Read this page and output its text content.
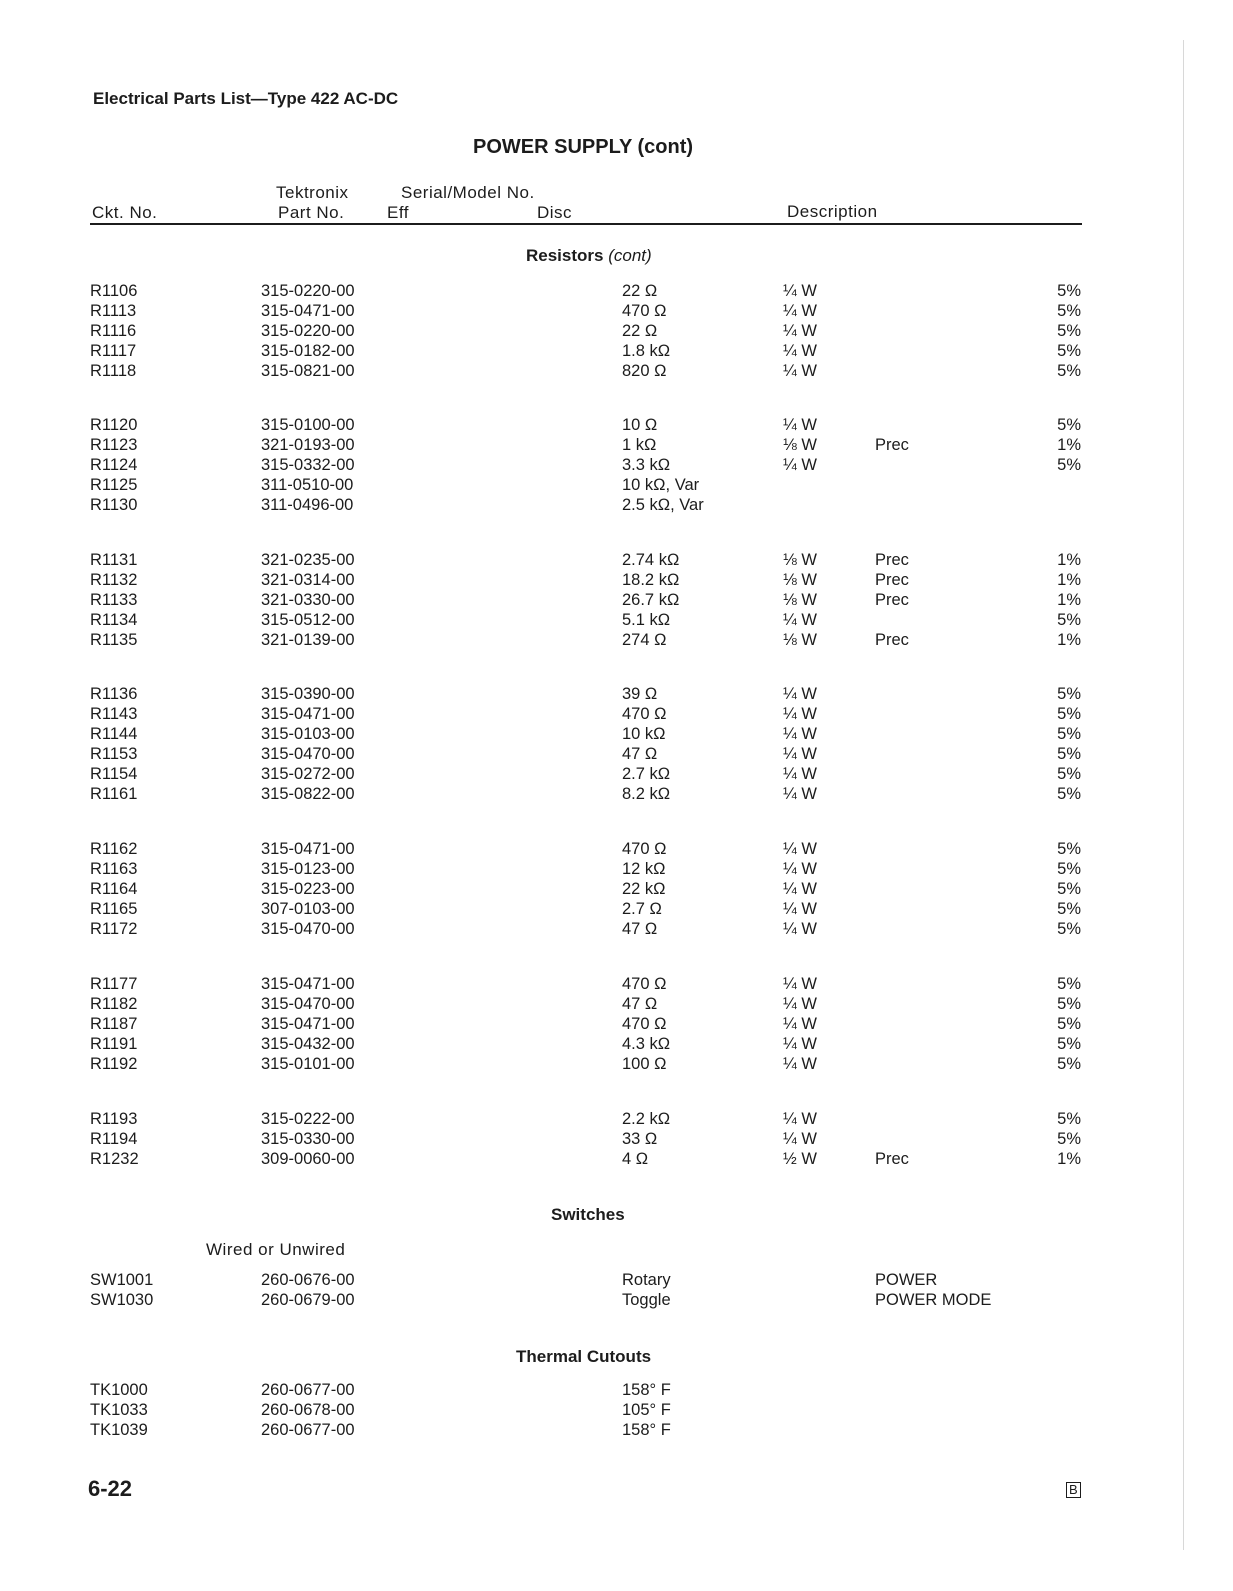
Electrical Parts List—Type 422 AC-DC
POWER SUPPLY (cont)
Tektronix	Serial/Model No.
Ckt. No.	Part No.	Eff	Disc	Description
Resistors (cont)
R1106	315-0220-00	22 Ω	¼ W	5%
R1113	315-0471-00	470 Ω	¼ W	5%
R1116	315-0220-00	22 Ω	¼ W	5%
R1117	315-0182-00	1.8 kΩ	¼ W	5%
R1118	315-0821-00	820 Ω	¼ W	5%
R1120	315-0100-00	10 Ω	¼ W	5%
R1123	321-0193-00	1 kΩ	⅛ W	Prec	1%
R1124	315-0332-00	3.3 kΩ	¼ W	5%
R1125	311-0510-00	10 kΩ, Var
R1130	311-0496-00	2.5 kΩ, Var
R1131	321-0235-00	2.74 kΩ	⅛ W	Prec	1%
R1132	321-0314-00	18.2 kΩ	⅛ W	Prec	1%
R1133	321-0330-00	26.7 kΩ	⅛ W	Prec	1%
R1134	315-0512-00	5.1 kΩ	¼ W	5%
R1135	321-0139-00	274 Ω	⅛ W	Prec	1%
R1136	315-0390-00	39 Ω	¼ W	5%
R1143	315-0471-00	470 Ω	¼ W	5%
R1144	315-0103-00	10 kΩ	¼ W	5%
R1153	315-0470-00	47 Ω	¼ W	5%
R1154	315-0272-00	2.7 kΩ	¼ W	5%
R1161	315-0822-00	8.2 kΩ	¼ W	5%
R1162	315-0471-00	470 Ω	¼ W	5%
R1163	315-0123-00	12 kΩ	¼ W	5%
R1164	315-0223-00	22 kΩ	¼ W	5%
R1165	307-0103-00	2.7 Ω	¼ W	5%
R1172	315-0470-00	47 Ω	¼ W	5%
R1177	315-0471-00	470 Ω	¼ W	5%
R1182	315-0470-00	47 Ω	¼ W	5%
R1187	315-0471-00	470 Ω	¼ W	5%
R1191	315-0432-00	4.3 kΩ	¼ W	5%
R1192	315-0101-00	100 Ω	¼ W	5%
R1193	315-0222-00	2.2 kΩ	¼ W	5%
R1194	315-0330-00	33 Ω	¼ W	5%
R1232	309-0060-00	4 Ω	½ W	Prec	1%
Switches
Wired or Unwired
SW1001	260-0676-00	Rotary	POWER
SW1030	260-0679-00	Toggle	POWER MODE
Thermal Cutouts
TK1000	260-0677-00	158° F
TK1033	260-0678-00	105° F
TK1039	260-0677-00	158° F
6-22	B
